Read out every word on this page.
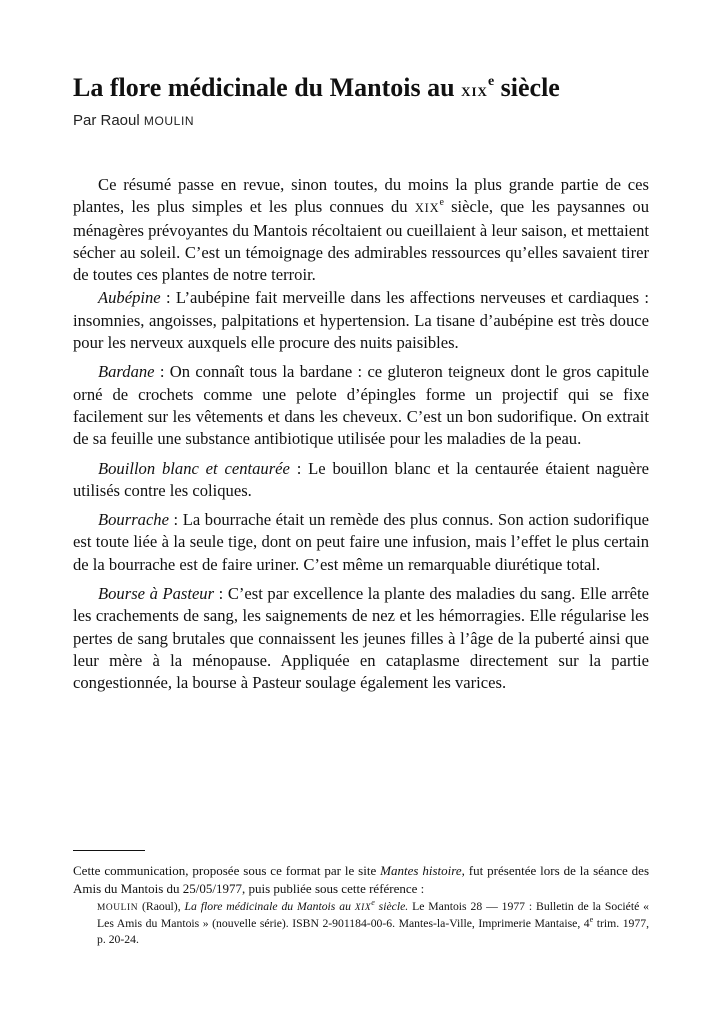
La flore médicinale du Mantois au xix$^e$ siècle
Par Raoul MOULIN

Ce résumé passe en revue, sinon toutes, du moins la plus grande partie de ces plantes, les plus simples et les plus connues du XIXe siècle, que les paysannes ou ménagères prévoyantes du Mantois récoltaient ou cueillaient à leur saison, et mettaient sécher au soleil. C’est un témoignage des admirables ressources qu’elles savaient tirer de toutes ces plantes de notre terroir.

Aubépine : L’aubépine fait merveille dans les affections nerveuses et cardiaques : insomnies, angoisses, palpitations et hypertension. La tisane d’aubépine est très douce pour les nerveux auxquels elle procure des nuits paisibles.

Bardane : On connaît tous la bardane : ce gluteron teigneux dont le gros capitule orné de crochets comme une pelote d’épingles forme un projectif qui se fixe facilement sur les vêtements et dans les cheveux. C’est un bon sudorifique. On extrait de sa feuille une substance antibiotique utilisée pour les maladies de la peau.

Bouillon blanc et centaurée : Le bouillon blanc et la centaurée étaient naguère utilisés contre les coliques.

Bourrache : La bourrache était un remède des plus connus. Son action sudorifique est toute liée à la seule tige, dont on peut faire une infusion, mais l’effet le plus certain de la bourrache est de faire uriner. C’est même un remarquable diurétique total.

Bourse à Pasteur : C’est par excellence la plante des maladies du sang. Elle arrête les crachements de sang, les saignements de nez et les hémorragies. Elle régularise les pertes de sang brutales que connaissent les jeunes filles à l’âge de la puberté ainsi que leur mère à la ménopause. Appliquée en cataplasme directement sur la partie congestionnée, la bourse à Pasteur soulage également les varices.

Cette communication, proposée sous ce format par le site Mantes histoire, fut présentée lors de la séance des Amis du Mantois du 25/05/1977, puis publiée sous cette référence :

MOULIN (Raoul), La flore médicinale du Mantois au XIXe siècle. Le Mantois 28 — 1977 : Bulletin de la Société « Les Amis du Mantois » (nouvelle série). ISBN 2-901184-00-6. Mantes-la-Ville, Imprimerie Mantaise, 4e trim. 1977, p. 20-24.
